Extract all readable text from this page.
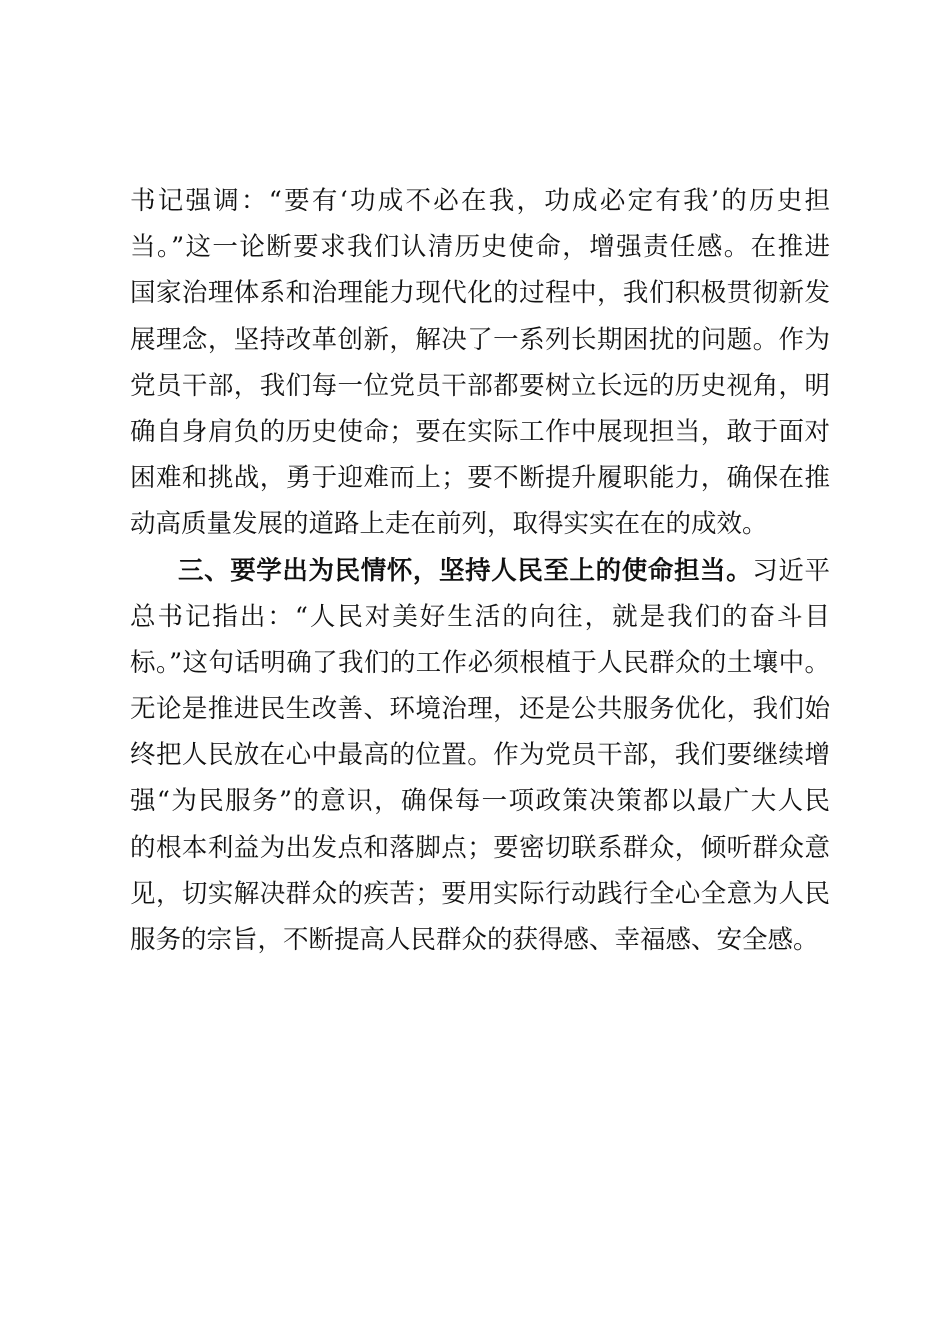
书记强调：“要有‘功成不必在我，功成必定有我’的历史担
当。”这一论断要求我们认清历史使命，增强责任感。在推进
国家治理体系和治理能力现代化的过程中，我们积极贯彻新发
展理念，坚持改革创新，解决了一系列长期困扰的问题。作为
党员干部，我们每一位党员干部都要树立长远的历史视角，明
确自身肩负的历史使命；要在实际工作中展现担当，敢于面对
困难和挑战，勇于迎难而上；要不断提升履职能力，确保在推
动高质量发展的道路上走在前列，取得实实在在的成效。
三、要学出为民情怀，坚持人民至上的使命担当。习近平
总书记指出：“人民对美好生活的向往，就是我们的奋斗目
标。”这句话明确了我们的工作必须根植于人民群众的土壤中。
无论是推进民生改善、环境治理，还是公共服务优化，我们始
终把人民放在心中最高的位置。作为党员干部，我们要继续增
强“为民服务”的意识，确保每一项政策决策都以最广大人民
的根本利益为出发点和落脚点；要密切联系群众，倾听群众意
见，切实解决群众的疾苦；要用实际行动践行全心全意为人民
服务的宗旨，不断提高人民群众的获得感、幸福感、安全感。
